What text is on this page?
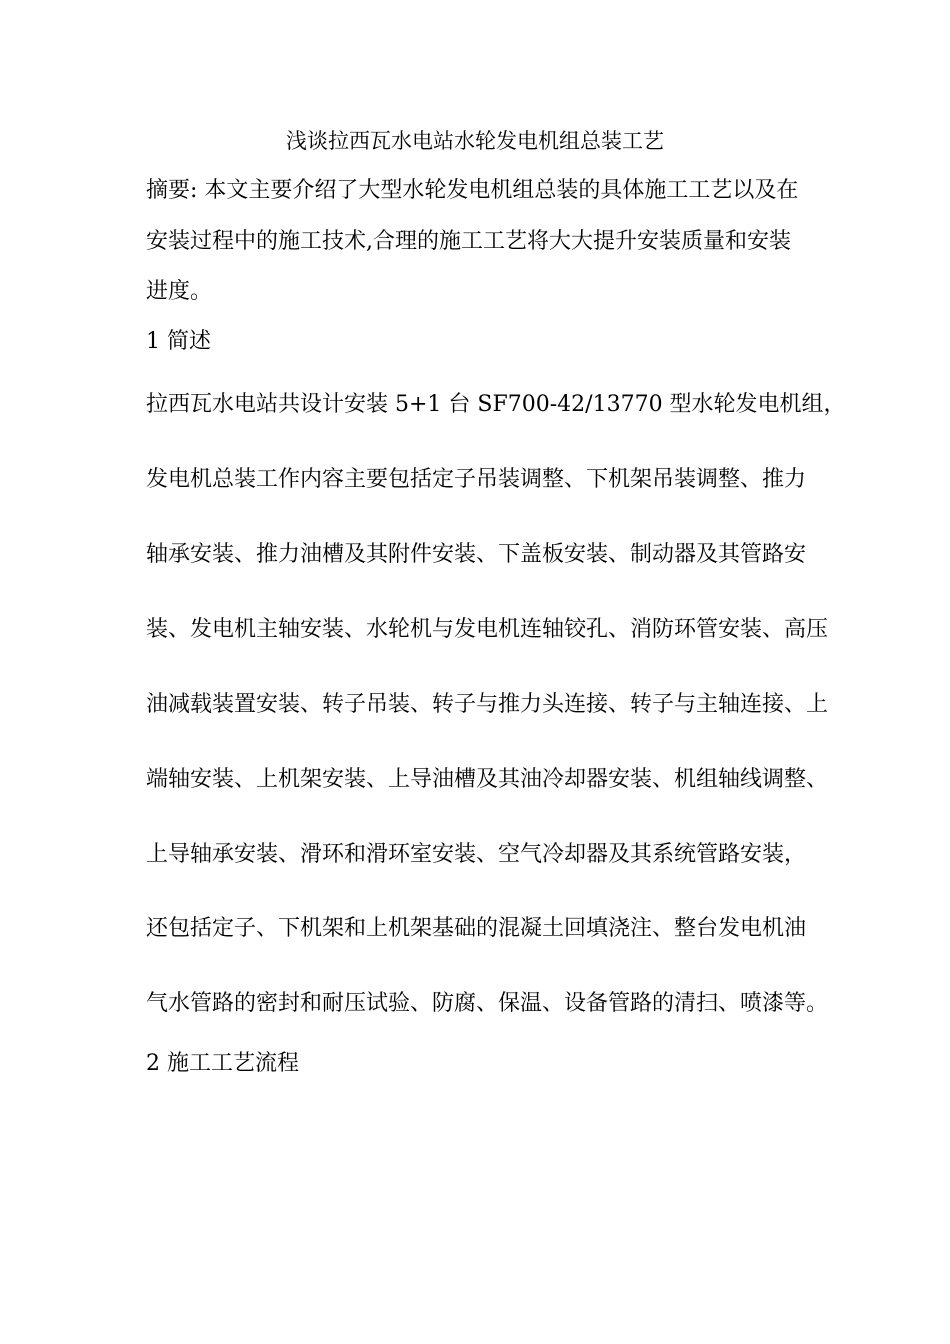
浅谈拉西瓦水电站水轮发电机组总装工艺
摘要: 本文主要介绍了大型水轮发电机组总装的具体施工工艺以及在
安装过程中的施工技术,合理的施工工艺将大大提升安装质量和安装
进度。
1 简述
拉西瓦水电站共设计安装 5+1 台 SF700-42/13770 型水轮发电机组，
发电机总装工作内容主要包括定子吊装调整、下机架吊装调整、推力
轴承安装、推力油槽及其附件安装、下盖板安装、制动器及其管路安
装、发电机主轴安装、水轮机与发电机连轴铰孔、消防环管安装、高压
油减载装置安装、转子吊装、转子与推力头连接、转子与主轴连接、上
端轴安装、上机架安装、上导油槽及其油冷却器安装、机组轴线调整、
上导轴承安装、滑环和滑环室安装、空气冷却器及其系统管路安装，
还包括定子、下机架和上机架基础的混凝土回填浇注、整台发电机油
气水管路的密封和耐压试验、防腐、保温、设备管路的清扫、喷漆等。
2 施工工艺流程
